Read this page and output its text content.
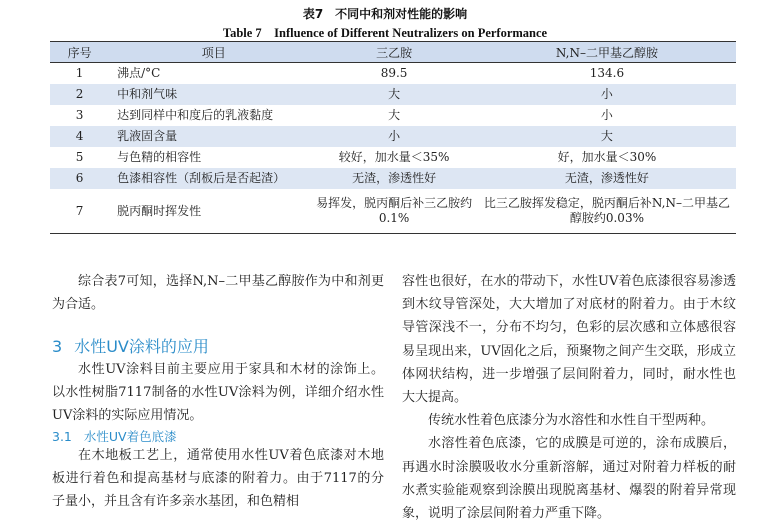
表7　不同中和剂对性能的影响
Table 7　Influence of Different Neutralizers on Performance
序号	项目	三乙胺	N,N–二甲基乙醇胺
1	沸点/°C	89.5	134.6
2	中和剂气味	大	小
3	达到同样中和度后的乳液黏度	大	小
4	乳液固含量	小	大
5	与色精的相容性	较好，加水量＜35%	好，加水量＜30%
6	色漆相容性（刮板后是否起渣）	无渣，渗透性好	无渣，渗透性好
7	脱丙酮时挥发性	易挥发，脱丙酮后补三乙胺约0.1%	比三乙胺挥发稳定，脱丙酮后补N,N–二甲基乙醇胺约0.03%

综合表7可知，选择N,N–二甲基乙醇胺作为中和剂更为合适。

3 水性UV涂料的应用

水性UV涂料目前主要应用于家具和木材的涂饰上。以水性树脂7117制备的水性UV涂料为例，详细介绍水性UV涂料的实际应用情况。

3.1 水性UV着色底漆

在木地板工艺上，通常使用水性UV着色底漆对木地板进行着色和提高基材与底漆的附着力。由于7117的分子量小，并且含有许多亲水基团，和色精相

容性也很好，在水的带动下，水性UV着色底漆很容易渗透到木纹导管深处，大大增加了对底材的附着力。由于木纹导管深浅不一，分布不均匀，色彩的层次感和立体感很容易呈现出来，UV固化之后，预聚物之间产生交联，形成立体网状结构，进一步增强了层间附着力，同时，耐水性也大大提高。

传统水性着色底漆分为水溶性和水性自干型两种。

水溶性着色底漆，它的成膜是可逆的，涂布成膜后，再遇水时涂膜吸收水分重新溶解，通过对附着力样板的耐水煮实验能观察到涂膜出现脱离基材、爆裂的附着异常现象，说明了涂层间附着力严重下降。
